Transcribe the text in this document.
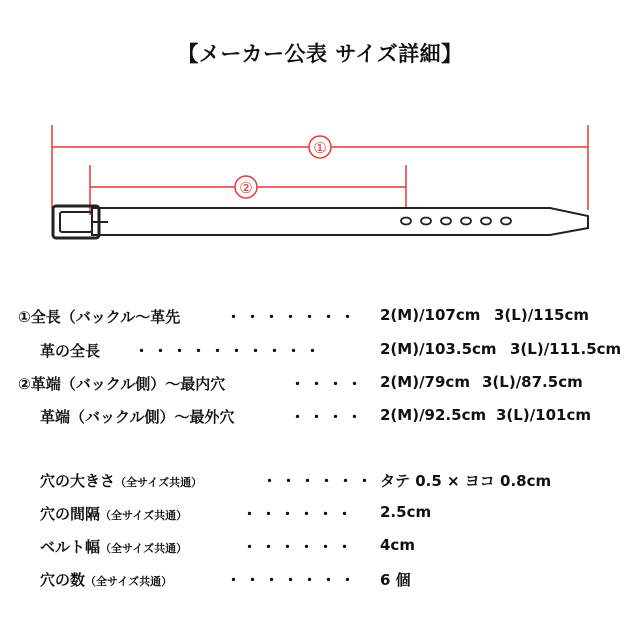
【メーカー公表 サイズ詳細】
①
②
①全長（バックル～革先	・・・・・・・ 2(M)/107cm 3(L)/115cm
革の全長 ・・・・・・・・・・	2(M)/103.5cm 3(L)/111.5cm
②革端（バックル側）～最内穴	・・・・ 2(M)/79cm 3(L)/87.5cm
革端（バックル側）～最外穴	・・・・ 2(M)/92.5cm 3(L)/101cm
穴の大きさ（全サイズ共通）	・・・・・・ タテ 0.5 × ヨコ 0.8cm
穴の間隔（全サイズ共通）	・・・・・・ 2.5cm
ベルト幅（全サイズ共通）	・・・・・・ 4cm
穴の数（全サイズ共通）	・・・・・・・ 6 個
